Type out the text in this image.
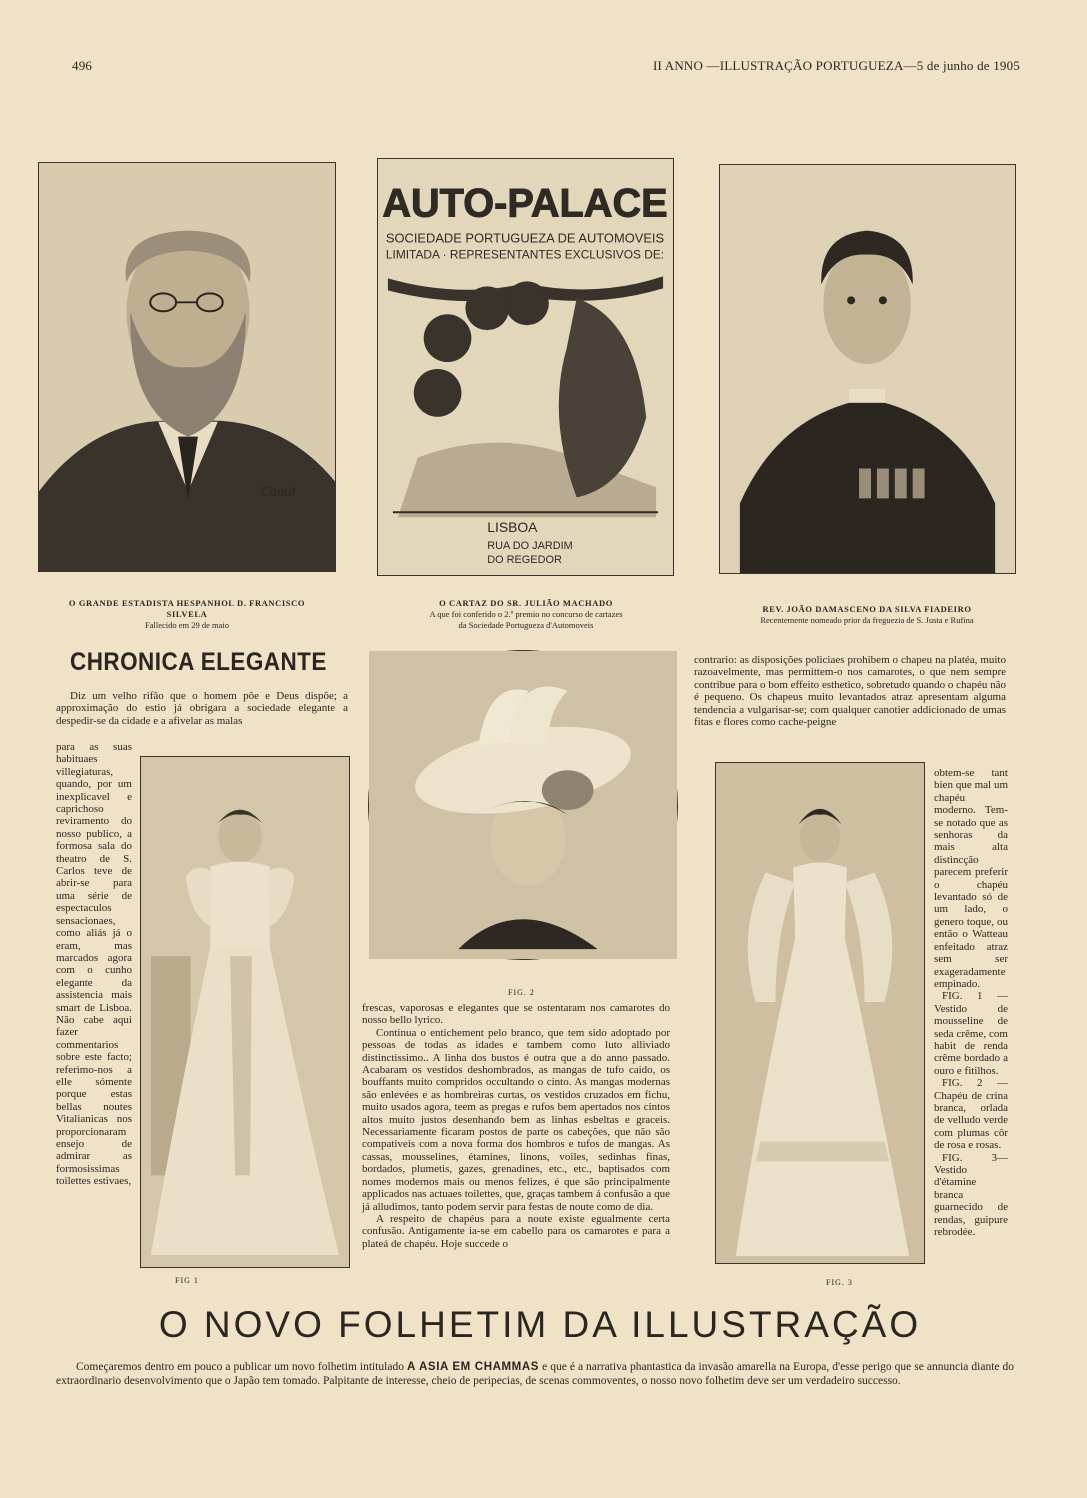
496	II ANNO —ILLUSTRAÇÃO PORTUGUEZA—5 de junho de 1905
Canol
O GRANDE ESTADISTA HESPANHOL D. FRANCISCO
SILVELA
Fallecido em 29 de maio
AUTO-PALACE
SOCIEDADE PORTUGUEZA DE AUTOMOVEIS
LIMITADA · REPRESENTANTES EXCLUSIVOS DE:
LISBOA
RUA DO JARDIM
DO REGEDOR
O CARTAZ DO SR. JULIÃO MACHADO
A que foi conferido o 2.º premio no concurso de cartazes
da Sociedade Portugueza d'Automoveis
REV. JOÃO DAMASCENO DA SILVA FIADEIRO
Recentemente nomeado prior da freguezia de S. Justa e Rufina
CHRONICA ELEGANTE

Diz um velho rifão que o homem põe e Deus dispõe; a approximação do estio já obrigara a sociedade elegante a despedir-se da cidade e a afivelar as malas

para as suas habituaes villegiaturas, quando, por um inexplicavel e caprichoso reviramento do nosso publico, a formosa sala do theatro de S. Carlos teve de abrir-se para uma série de espectaculos sensacionaes, como aliás já o eram, mas marcados agora com o cunho elegante da assistencia mais smart de Lisboa. Não cabe aqui fazer commentarios sobre este facto; referimo-nos a elle sómente porque estas bellas noutes Vitalianicas nos proporcionaram ensejo de admirar as formosissimas toilettes estivaes,

FIG 1
FIG. 2

frescas, vaporosas e elegantes que se ostentaram nos camarotes do nosso bello lyrico.

Continua o entichement pelo branco, que tem sido adoptado por pessoas de todas as idades e tambem como luto alliviado distinctissimo.. A linha dos bustos é outra que a do anno passado. Acabaram os vestidos deshombrados, as mangas de tufo caido, os bouffants muito compridos occultando o cinto. As mangas modernas são enlevées e as hombreiras curtas, os vestidos cruzados em fichu, muito usados agora, teem as pregas e rufos bem apertados nos cintos altos muito justos desenhando bem as linhas esbeltas e graceis. Necessariamente ficaram postos de parte os cabeções, que não são compativeis com a nova forma dos hombros e tufos de mangas. As cassas, mousselines, étamines, linons, voiles, sedinhas finas, bordados, plumetis, gazes, grenadines, etc., etc., baptisados com nomes modernos mais ou menos felizes, é que são principalmente applicados nas actuaes toilettes, que, graças tambem á confusão a que já alludimos, tanto podem servir para festas de noute como de dia.

A respeito de chapéus para a noute existe egualmente certa confusão. Antigamente ia-se em cabello para os camarotes e para a plateá de chapéu. Hoje succede o

contrario: as disposições policiaes prohibem o chapeu na platéa, muito razoavelmente, mas permittem-o nos camarotes, o que nem sempre contribue para o bom effeito esthetico, sobretudo quando o chapéu não é pequeno. Os chapeus muito levantados atraz apresentam alguma tendencia a vulgarisar-se; com qualquer canotier addicionado de umas fitas e flores como cache-peigne

FIG. 3

obtem-se tant bien que mal um chapéu moderno. Tem-se notado que as senhoras da mais alta distincção parecem preferir o chapéu levantado só de um lado, o genero toque, ou então o Watteau enfeitado atraz sem ser exageradamente empinado.

FIG. 1 — Vestido de mousseline de seda crême, com habit de renda crême bordado a ouro e fitilhos.

FIG. 2 — Chapéu de crina branca, orlada de velludo verde com plumas côr de rosa e rosas.

FIG. 3—Vestido d'étamine branca guarnecido de rendas, guipure rebrodée.

O NOVO FOLHETIM DA ILLUSTRAÇÃO
Começaremos dentro em pouco a publicar um novo folhetim intitulado A ASIA EM CHAMMAS e que é a narrativa phantastica da invasão amarella na Europa, d'esse perigo que se annuncia diante do extraordinario desenvolvimento que o Japão tem tomado. Palpitante de interesse, cheio de peripecias, de scenas commoventes, o nosso novo folhetim deve ser um verdadeiro successo.
